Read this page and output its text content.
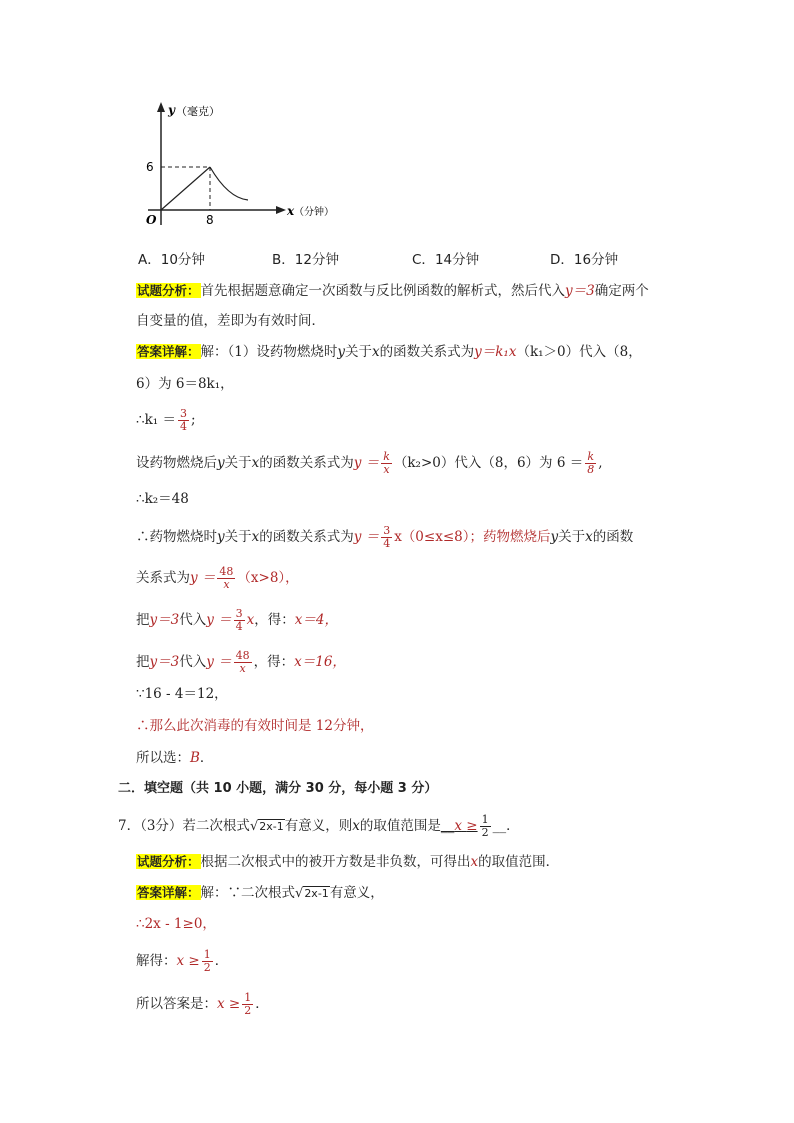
y （毫克）
6
8
O
x （分钟）
A．10分钟	B．12分钟	C．14分钟	D．16分钟
试题分析：首先根据题意确定一次函数与反比例函数的解析式，然后代入y＝3确定两个
自变量的值，差即为有效时间．
答案详解：解：（1）设药物燃烧时y关于x的函数关系式为y＝k₁x（k₁＞0）代入（8，
6）为 6＝8k₁，
∴k₁ ＝ $\frac{3}{4}$ ;
设药物燃烧后y关于x的函数关系式为$y = \frac{k}{x} (k_2>0)$代入（8，6）为 $6 = \frac{k}{8}$ ,
∴k₂＝48
∴药物燃烧时y关于x的函数关系式为$y = \frac{3}{4} x(0\le x\le 8)$；药物燃烧后y关于x的函数
关系式为$y = \frac{48}{x} (x>8)$，
把y＝3代入$y = \frac{3}{4}$ x，得：x＝4，
把y＝3代入$y = \frac{48}{x}$ ，得：x＝16，
∵16 - 4＝12，
∴那么此次消毒的有效时间是 12分钟，
所以选：B．
二．填空题（共 10 小题，满分 30 分，每小题 3 分）
7．（3分）若二次根式√2x-1有意义，则x的取值范围是__x ≥ $\frac{1}{2}$ __．
试题分析：根据二次根式中的被开方数是非负数，可得出x的取值范围．
答案详解：解：∵二次根式√2x-1有意义，
∴2x - 1≥0，
解得：$x \ge \frac{1}{2}$ ．
所以答案是：$x \ge \frac{1}{2}$ ．
